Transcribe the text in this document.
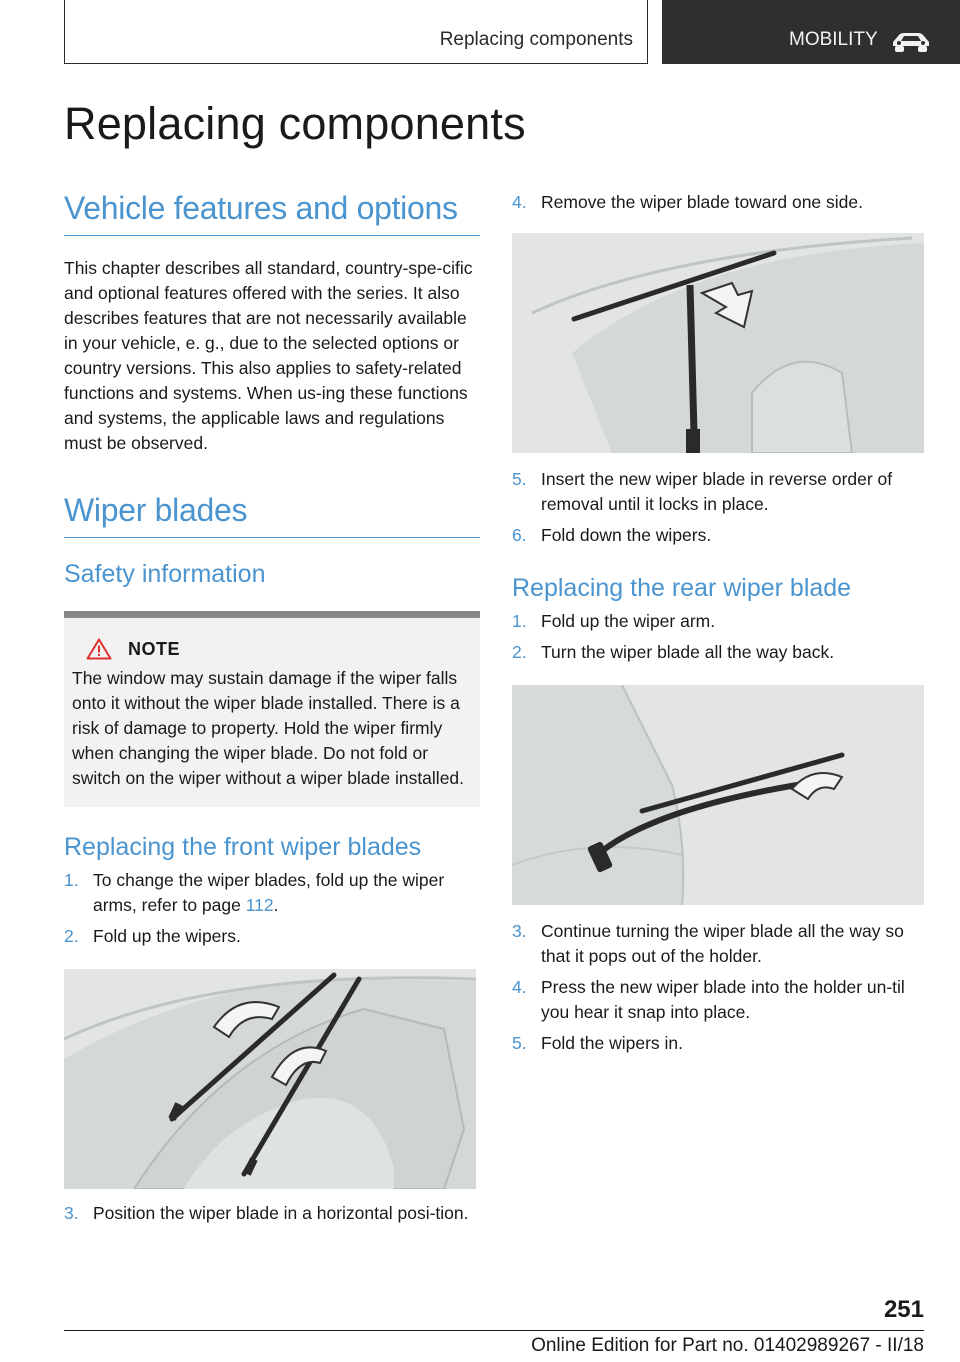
Replacing components	MOBILITY
Replacing components
Vehicle features and options

This chapter describes all standard, country-spe-cific and optional features offered with the series. It also describes features that are not necessarily available in your vehicle, e. g., due to the selected options or country versions. This also applies to safety-related functions and systems. When us-ing these functions and systems, the applicable laws and regulations must be observed.

Wiper blades
Safety information
NOTE

The window may sustain damage if the wiper falls onto it without the wiper blade installed. There is a risk of damage to property. Hold the wiper firmly when changing the wiper blade. Do not fold or switch on the wiper without a wiper blade installed.

Replacing the front wiper blades
1. To change the wiper blades, fold up the wiper arms, refer to page 112.
2. Fold up the wipers.
3. Position the wiper blade in a horizontal posi-tion.
4. Remove the wiper blade toward one side.
5. Insert the new wiper blade in reverse order of removal until it locks in place.
6. Fold down the wipers.
Replacing the rear wiper blade
1. Fold up the wiper arm.
2. Turn the wiper blade all the way back.
3. Continue turning the wiper blade all the way so that it pops out of the holder.
4. Press the new wiper blade into the holder un-til you hear it snap into place.
5. Fold the wipers in.
251
Online Edition for Part no. 01402989267 - II/18
